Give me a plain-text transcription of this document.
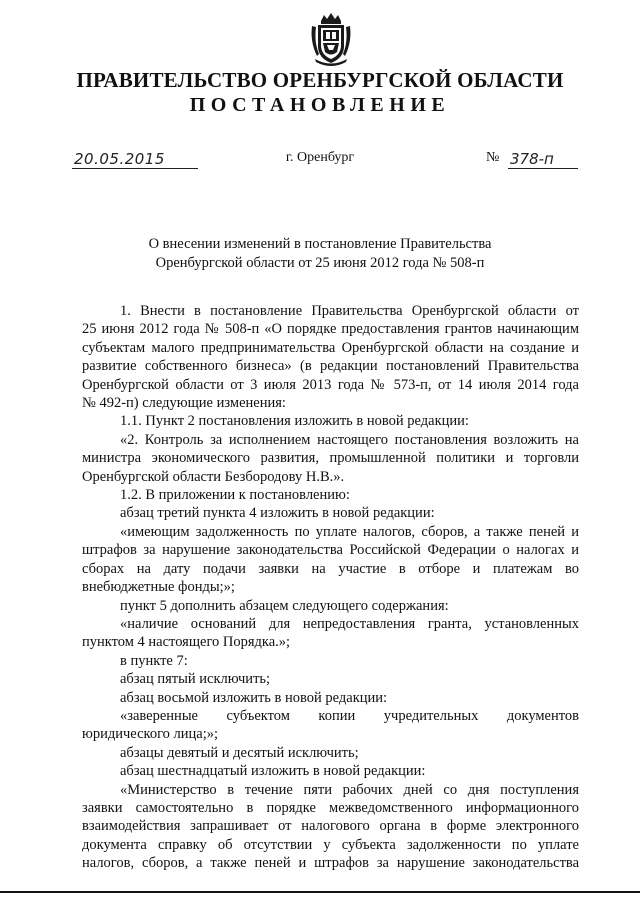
ПРАВИТЕЛЬСТВО ОРЕНБУРГСКОЙ ОБЛАСТИ
ПОСТАНОВЛЕНИЕ
20.05.2015	г. Оренбург	№ 378-п
О внесении изменений в постановление Правительства
Оренбургской области от 25 июня 2012 года № 508-п

1. Внести в постановление Правительства Оренбургской области от

25 июня 2012 года № 508-п «О порядке предоставления грантов начинающим

субъектам малого предпринимательства Оренбургской области на создание и

развитие собственного бизнеса» (в редакции постановлений Правительства

Оренбургской области от 3 июля 2013 года № 573-п, от 14 июля 2014 года

№ 492-п) следующие изменения:

1.1. Пункт 2 постановления изложить в новой редакции:

«2. Контроль за исполнением настоящего постановления возложить на

министра экономического развития, промышленной политики и торговли

Оренбургской области Безбородову Н.В.».

1.2. В приложении к постановлению:

абзац третий пункта 4 изложить в новой редакции:

«имеющим задолженность по уплате налогов, сборов, а также пеней и

штрафов за нарушение законодательства Российской Федерации о налогах и

сборах на дату подачи заявки на участие в отборе и платежам во

внебюджетные фонды;»;

пункт 5 дополнить абзацем следующего содержания:

«наличие оснований для непредоставления гранта, установленных

пунктом 4 настоящего Порядка.»;

в пункте 7:

абзац пятый исключить;

абзац восьмой изложить в новой редакции:

«заверенные субъектом копии учредительных документов

юридического лица;»;

абзацы девятый и десятый исключить;

абзац шестнадцатый изложить в новой редакции:

«Министерство в течение пяти рабочих дней со дня поступления

заявки самостоятельно в порядке межведомственного информационного

взаимодействия запрашивает от налогового органа в форме электронного

документа справку об отсутствии у субъекта задолженности по уплате

налогов, сборов, а также пеней и штрафов за нарушение законодательства
